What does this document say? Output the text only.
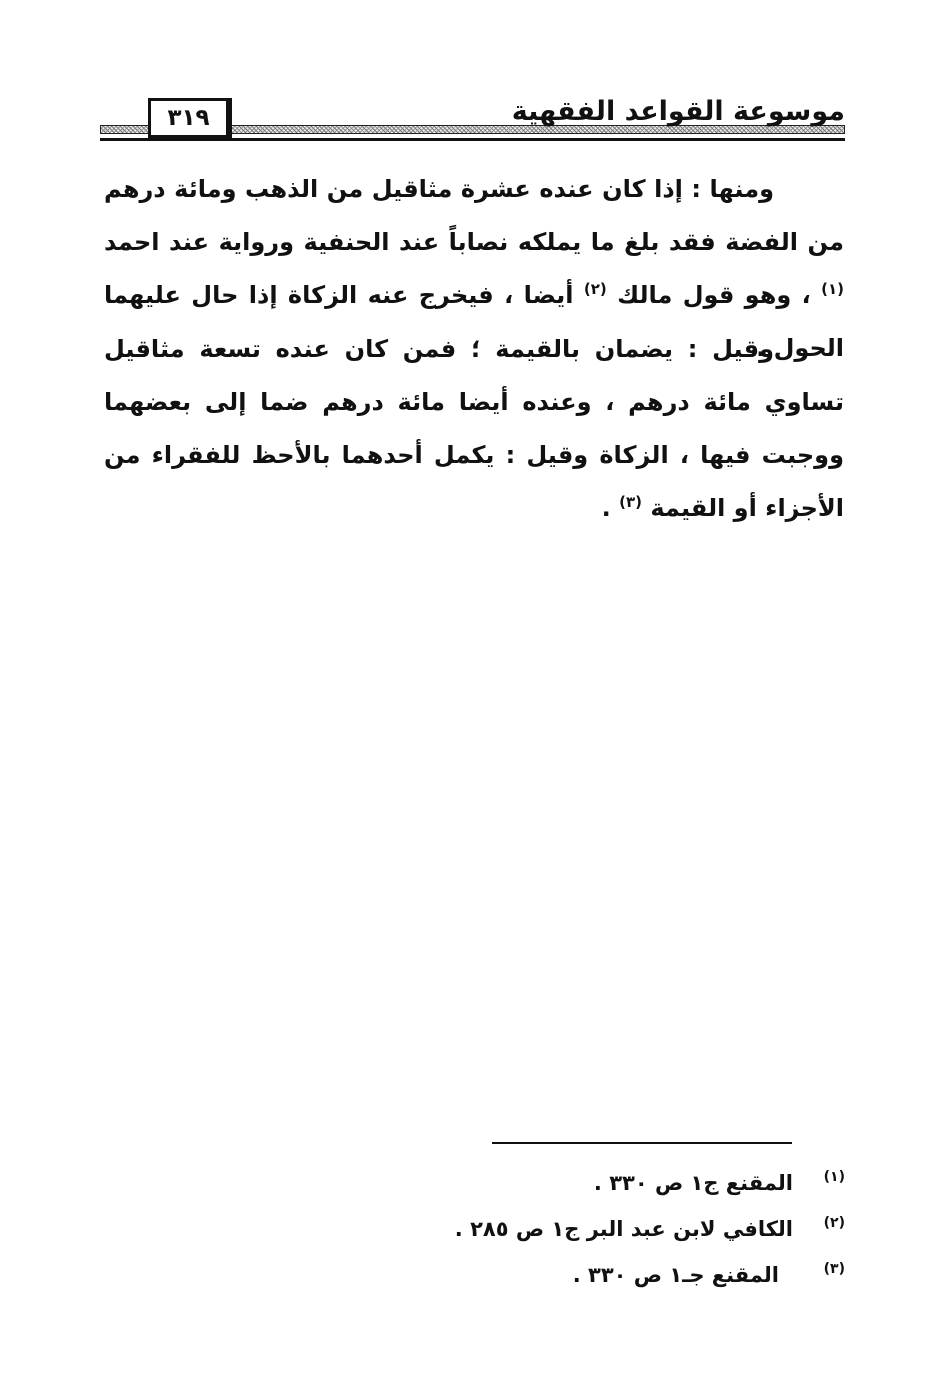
٣١٩	موسوعة القواعد الفقهية

ومنها : إذا كان عنده عشرة مثاقيل من الذهب ومائة درهم من الفضة فقد بلغ ما يملكه نصاباً عند الحنفية ورواية عند احمد $^{(١)}$ ، وهو قول مالك $^{(٢)}$ أيضا ، فيخرج عنه الزكاة إذا حال عليهما الحول .

وقيل : يضمان بالقيمة ؛ فمن كان عنده تسعة مثاقيل تساوي مائة درهم ، وعنده أيضا مائة درهم ضما إلى بعضهما ووجبت فيها ، الزكاة وقيل : يكمل أحدهما بالأحظ للفقراء من الأجزاء أو القيمة $^{(٣)}$ .

(١)
المقنع ج١ ص ٣٣٠ .
(٢)
الكافي لابن عبد البر ج١ ص ٢٨٥ .
(٣)
المقنع جـ١ ص ٣٣٠ .
